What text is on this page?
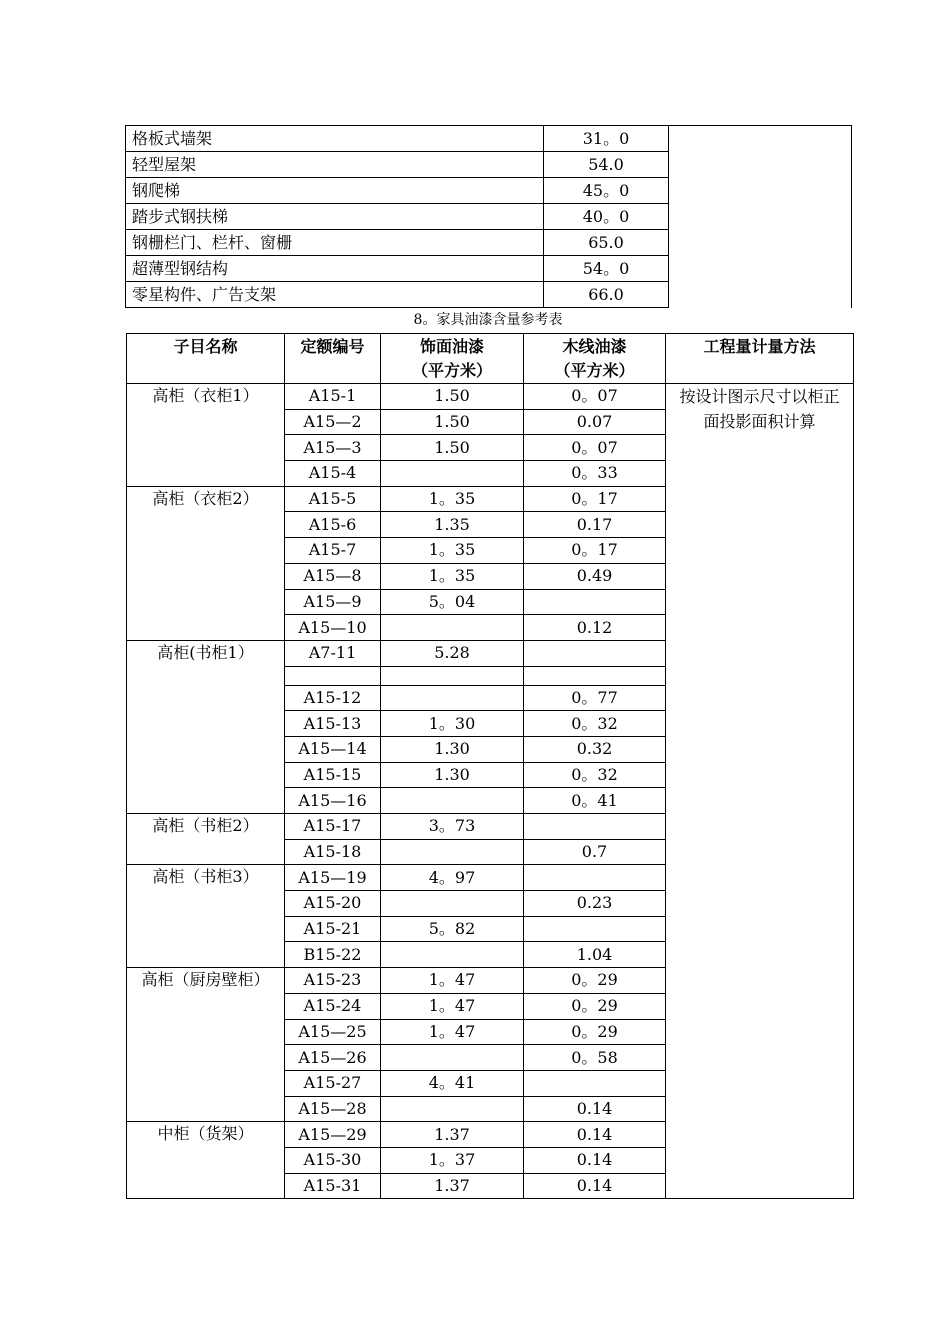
格板式墙架	31。0	
轻型屋架	54.0	
钢爬梯	45。0	
踏步式钢扶梯	40。0	
钢栅栏门、栏杆、窗栅	65.0	
超薄型钢结构	54。0	
零星构件、广告支架	66.0	
8。家具油漆含量参考表
子目名称	定额编号	饰面油漆（平方米）	木线油漆（平方米）	工程量计量方法
高柜（衣柜1）	A15-1	1.50	0。07	按设计图示尺寸以柜正面投影面积计算
	A15—2	1.50	0.07	
	A15—3	1.50	0。07	
	A15-4		0。33	
高柜（衣柜2）	A15-5	1。35	0。17	
	A15-6	1.35	0.17	
	A15-7	1。35	0。17	
	A15—8	1。35	0.49	
	A15—9	5。04		
	A15—10		0.12	
高柜(书柜1）	A7-11	5.28		

	A15-12		0。77	
	A15-13	1。30	0。32	
	A15—14	1.30	0.32	
	A15-15	1.30	0。32	
	A15—16		0。41	
高柜（书柜2）	A15-17	3。73		
	A15-18		0.7	
高柜（书柜3）	A15—19	4。97		
	A15-20		0.23	
	A15-21	5。82		
	B15-22		1.04	
高柜（厨房壁柜）	A15-23	1。47	0。29	
	A15-24	1。47	0。29	
	A15—25	1。47	0。29	
	A15—26		0。58	
	A15-27	4。41		
	A15—28		0.14	
中柜（货架）	A15—29	1.37	0.14	
	A15-30	1。37	0.14	
	A15-31	1.37	0.14	
